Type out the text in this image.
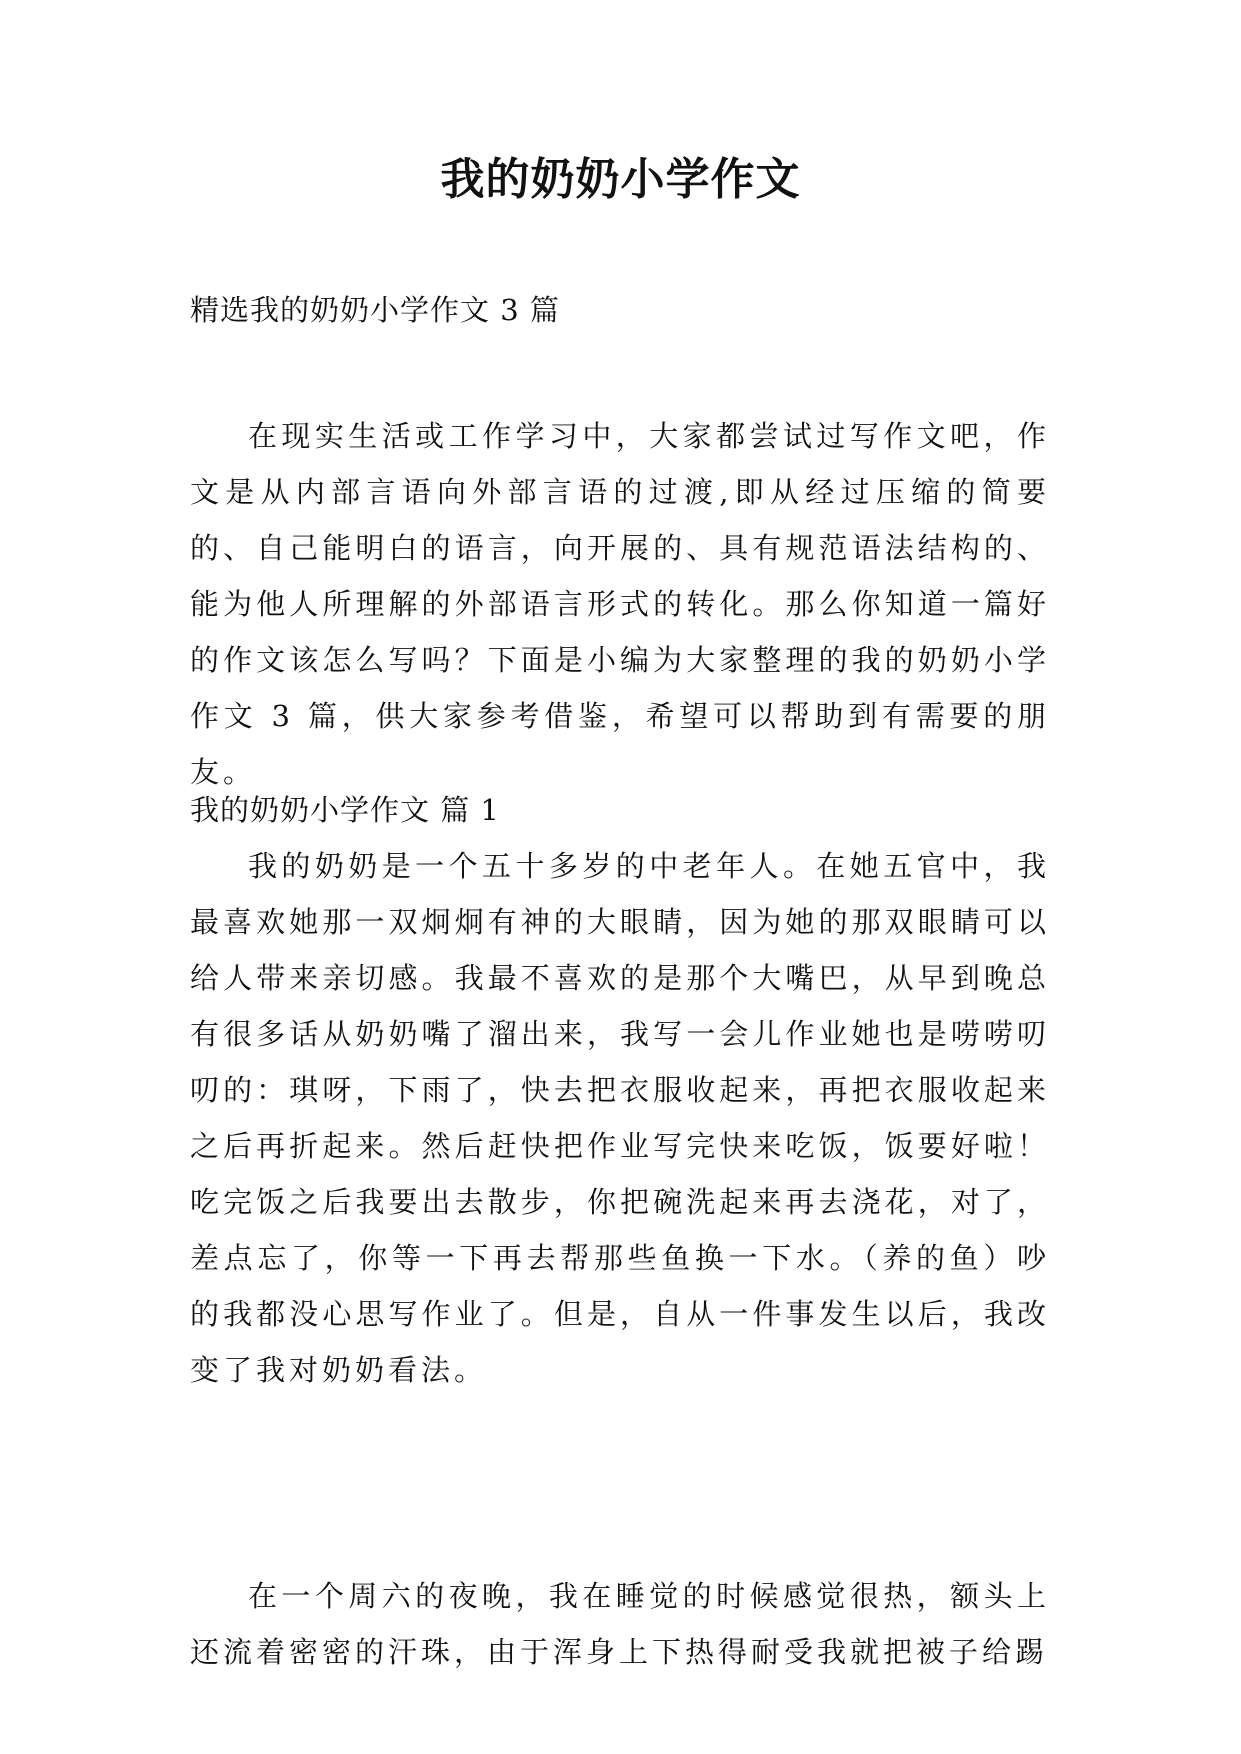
我的奶奶小学作文

精选我的奶奶小学作文 3 篇

在现实生活或工作学习中，大家都尝试过写作文吧，作文是从内部言语向外部言语的过渡,即从经过压缩的简要的、自己能明白的语言，向开展的、具有规范语法结构的、能为他人所理解的外部语言形式的转化。那么你知道一篇好的作文该怎么写吗？下面是小编为大家整理的我的奶奶小学作文 3 篇，供大家参考借鉴，希望可以帮助到有需要的朋友。

我的奶奶小学作文 篇 1

我的奶奶是一个五十多岁的中老年人。在她五官中，我最喜欢她那一双炯炯有神的大眼睛，因为她的那双眼睛可以给人带来亲切感。我最不喜欢的是那个大嘴巴，从早到晚总有很多话从奶奶嘴了溜出来，我写一会儿作业她也是唠唠叨叨的：琪呀，下雨了，快去把衣服收起来，再把衣服收起来之后再折起来。然后赶快把作业写完快来吃饭，饭要好啦！吃完饭之后我要出去散步，你把碗洗起来再去浇花，对了，差点忘了，你等一下再去帮那些鱼换一下水。（养的鱼）吵的我都没心思写作业了。但是，自从一件事发生以后，我改变了我对奶奶看法。

在一个周六的夜晚，我在睡觉的时候感觉很热，额头上还流着密密的汗珠，由于浑身上下热得耐受我就把被子给踢
